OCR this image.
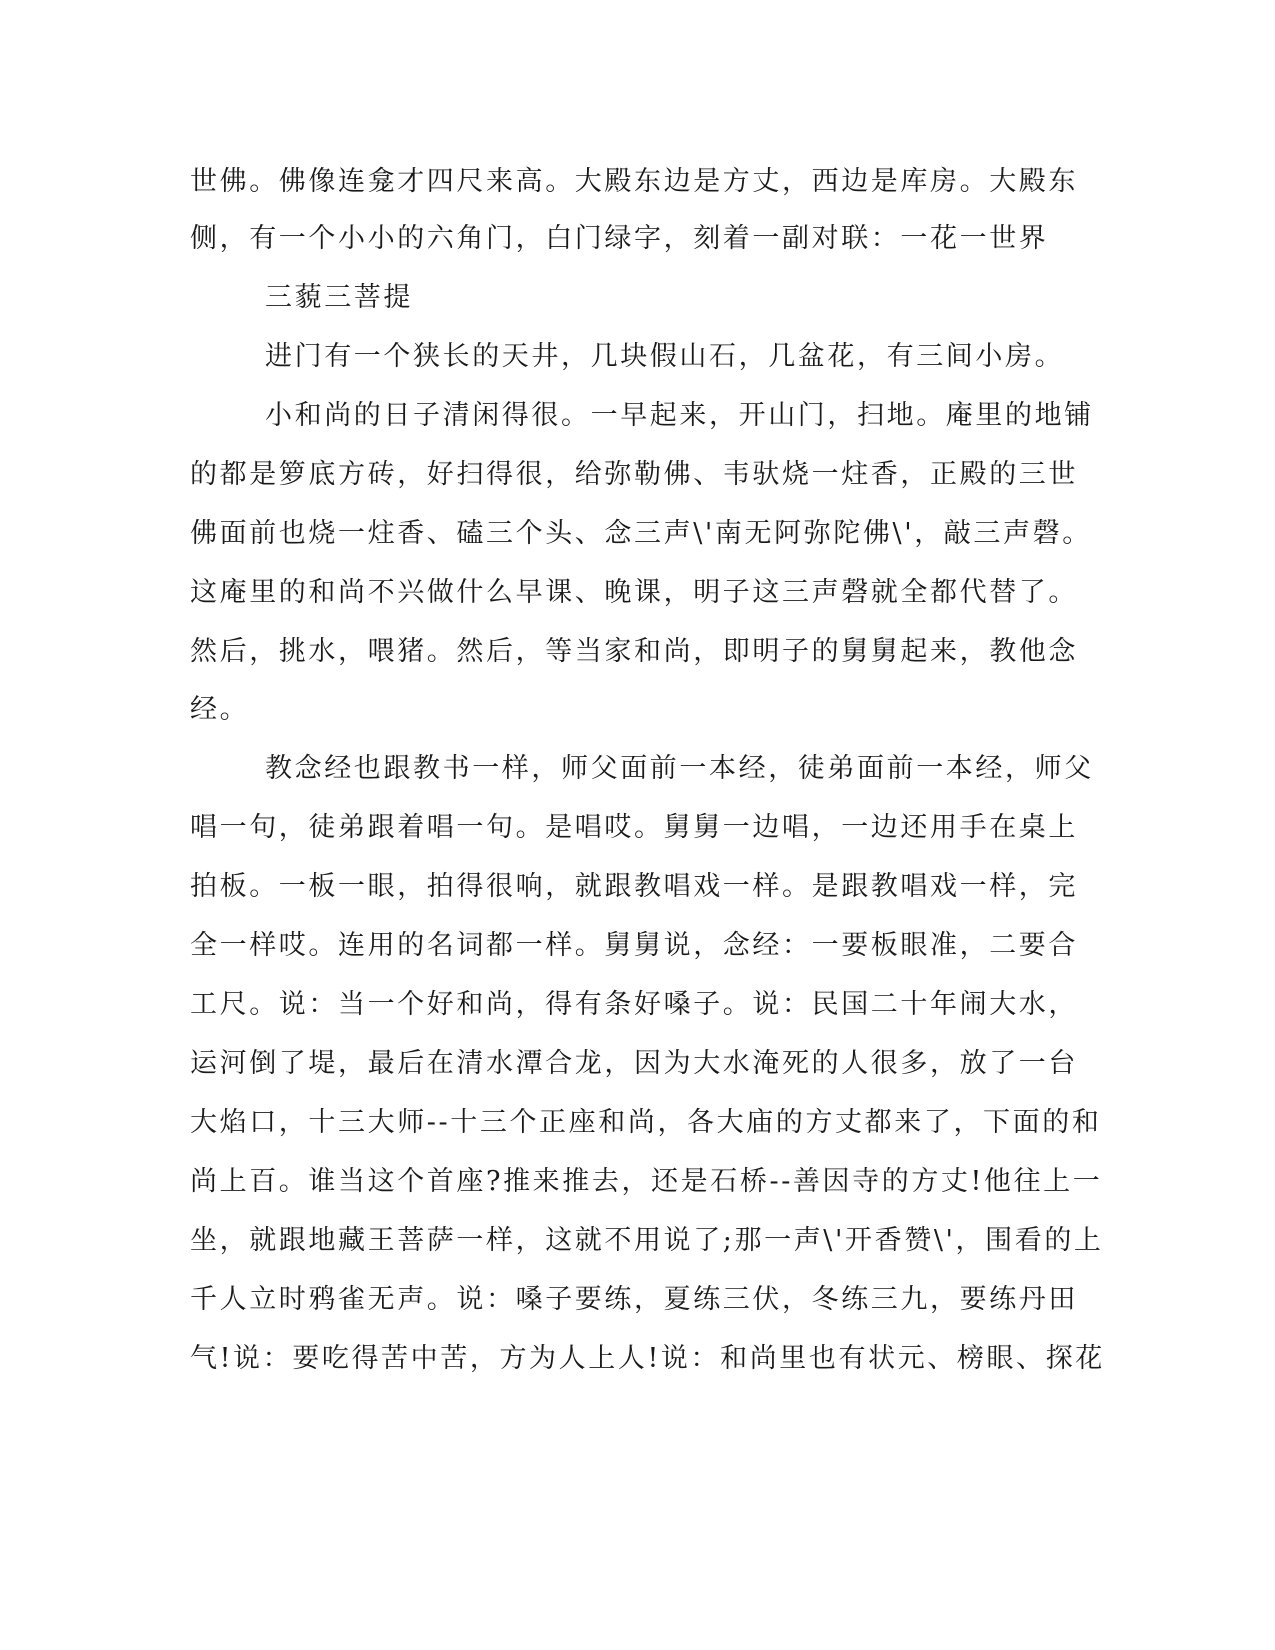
世佛。佛像连龛才四尺来高。大殿东边是方丈，西边是库房。大殿东
侧，有一个小小的六角门，白门绿字，刻着一副对联：一花一世界
三藐三菩提
进门有一个狭长的天井，几块假山石，几盆花，有三间小房。
小和尚的日子清闲得很。一早起来，开山门，扫地。庵里的地铺
的都是箩底方砖，好扫得很，给弥勒佛、韦驮烧一炷香，正殿的三世
佛面前也烧一炷香、磕三个头、念三声\'南无阿弥陀佛\'，敲三声磬。
这庵里的和尚不兴做什么早课、晚课，明子这三声磬就全都代替了。
然后，挑水，喂猪。然后，等当家和尚，即明子的舅舅起来，教他念
经。
教念经也跟教书一样，师父面前一本经，徒弟面前一本经，师父
唱一句，徒弟跟着唱一句。是唱哎。舅舅一边唱，一边还用手在桌上
拍板。一板一眼，拍得很响，就跟教唱戏一样。是跟教唱戏一样，完
全一样哎。连用的名词都一样。舅舅说，念经：一要板眼准，二要合
工尺。说：当一个好和尚，得有条好嗓子。说：民国二十年闹大水，
运河倒了堤，最后在清水潭合龙，因为大水淹死的人很多，放了一台
大焰口，十三大师--十三个正座和尚，各大庙的方丈都来了，下面的和
尚上百。谁当这个首座?推来推去，还是石桥--善因寺的方丈!他往上一
坐，就跟地藏王菩萨一样，这就不用说了;那一声\'开香赞\'，围看的上
千人立时鸦雀无声。说：嗓子要练，夏练三伏，冬练三九，要练丹田
气!说：要吃得苦中苦，方为人上人!说：和尚里也有状元、榜眼、探花
